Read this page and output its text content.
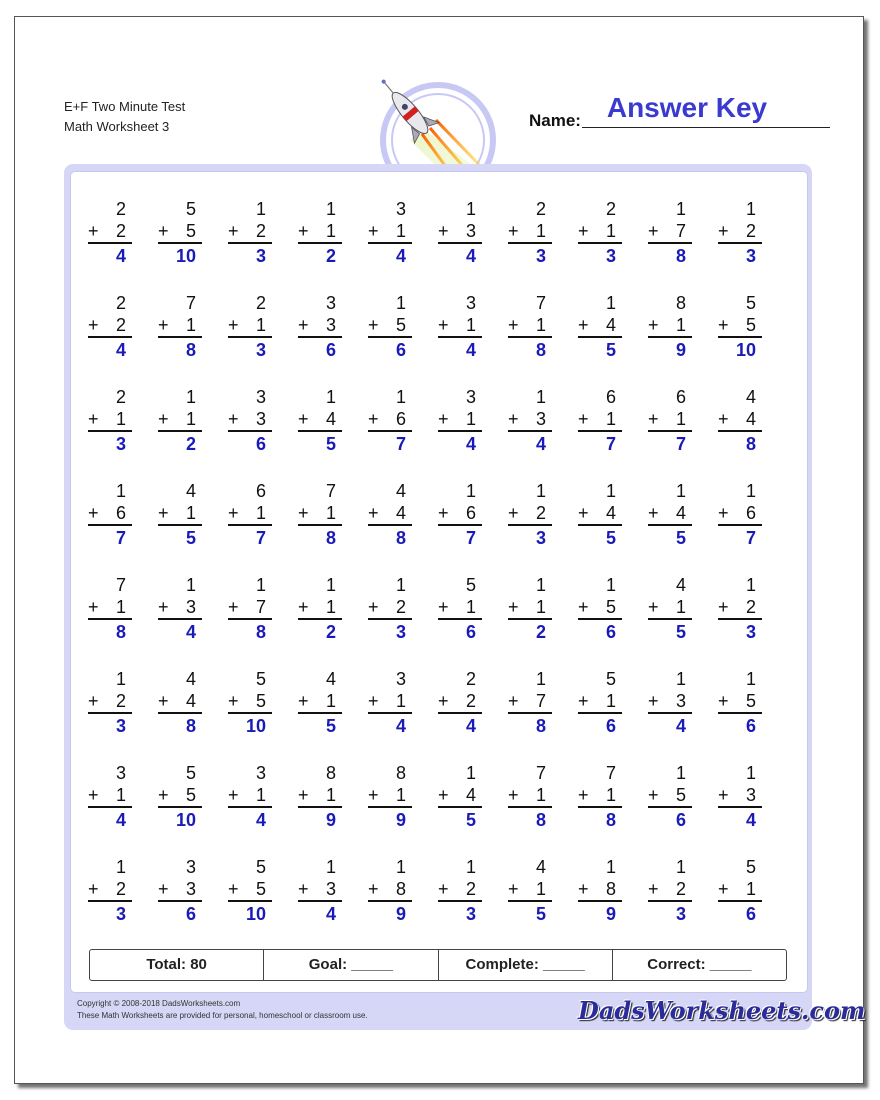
E+F Two Minute Test
Math Worksheet 3
Answer Key
Name:
2
+ 2
4
5
+ 5
10
1
+ 2
3
1
+ 1
2
3
+ 1
4
1
+ 3
4
2
+ 1
3
2
+ 1
3
1
+ 7
8
1
+ 2
3
2
+ 2
4
7
+ 1
8
2
+ 1
3
3
+ 3
6
1
+ 5
6
3
+ 1
4
7
+ 1
8
1
+ 4
5
8
+ 1
9
5
+ 5
10
2
+ 1
3
1
+ 1
2
3
+ 3
6
1
+ 4
5
1
+ 6
7
3
+ 1
4
1
+ 3
4
6
+ 1
7
6
+ 1
7
4
+ 4
8
1
+ 6
7
4
+ 1
5
6
+ 1
7
7
+ 1
8
4
+ 4
8
1
+ 6
7
1
+ 2
3
1
+ 4
5
1
+ 4
5
1
+ 6
7
7
+ 1
8
1
+ 3
4
1
+ 7
8
1
+ 1
2
1
+ 2
3
5
+ 1
6
1
+ 1
2
1
+ 5
6
4
+ 1
5
1
+ 2
3
1
+ 2
3
4
+ 4
8
5
+ 5
10
4
+ 1
5
3
+ 1
4
2
+ 2
4
1
+ 7
8
5
+ 1
6
1
+ 3
4
1
+ 5
6
3
+ 1
4
5
+ 5
10
3
+ 1
4
8
+ 1
9
8
+ 1
9
1
+ 4
5
7
+ 1
8
7
+ 1
8
1
+ 5
6
1
+ 3
4
1
+ 2
3
3
+ 3
6
5
+ 5
10
1
+ 3
4
1
+ 8
9
1
+ 2
3
4
+ 1
5
1
+ 8
9
1
+ 2
3
5
+ 1
6
Total: 80	Goal: _____	Complete: _____	Correct: _____
Copyright © 2008-2018 DadsWorksheets.com
These Math Worksheets are provided for personal, homeschool or classroom use.	DadsWorksheets.com
